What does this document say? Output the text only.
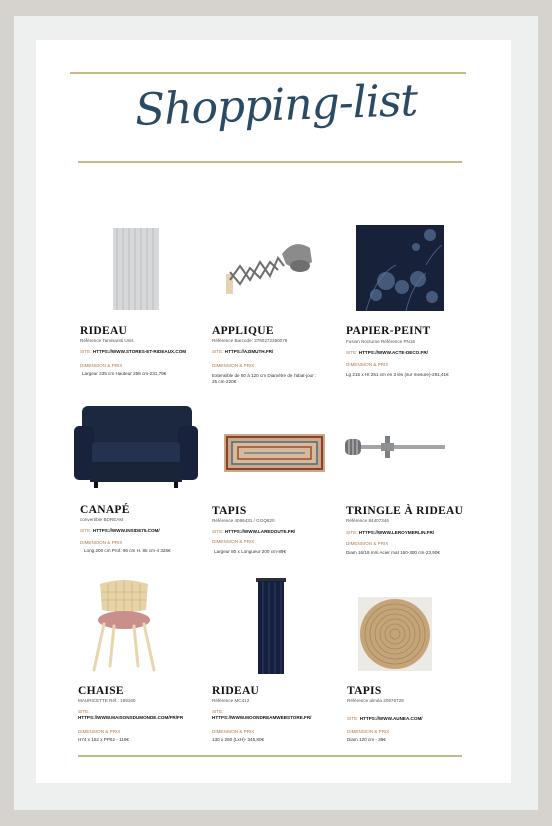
Shopping-list
RIDEAU
Référence Tamisants Unis
SITE: HTTPS://WWW.STORES-ET-RIDEAUX.COM
DIMENSION & PRIX
Largeur 235 cm Hauteur 258 cm-231,79€
APPLIQUE
Référence Barcode: 3760272390076
SITE: HTTPS://AZIMUTH.FR/
DIMENSION & PRIX
Extensible de 50 à 120 cm Diamètre de l'abat-jour : 25 cm-220€
PAPIER-PEINT
Fusion Nocturne Référence PN16
SITE: HTTPS://WWW.ACTE-DECO.FR/
DIMENSION & PRIX
Lg 215 x Ht 251 cm en 3 lés (sur mesure)-291,41€
CANAPÉ
convertible BDREAM
SITE: HTTPS://WWW.INSIDE75.COM/
DIMENSION & PRIX
Long.200 cm Prof. 96 cm H. 85 cm-4 326€
TAPIS
Référence 4066431 / GGQ820
SITE: HTTPS://WWW.LAREDOUTE.FR/
DIMENSION & PRIX
Largeur 80 x Longueur 200 cm-89€
TRINGLE À RIDEAU
Référence 84407346
SITE: HTTPS://WWW.LEROYMERLIN.FR/
DIMENSION & PRIX
Diam 16/19 mm Acier mat 160-300 cm-23,90€
CHAISE
MAURICETTE Réf.: 199160
SITE: HTTPS://WWW.MAISONSDUMONDE.COM/FR/FR
DIMENSION & PRIX
H74 x 152 x PP62 - 119€
RIDEAU
Référence MC412
SITE:
HTTPS://WWW.MOONDREAMWEBSTORE.FR/
DIMENSION & PRIX
130 x 260 (LxH)- 345,80€
TAPIS
Référence alméa 20976729
SITE: HTTPS://WWW.AUNEA.COM/
DIMENSION & PRIX
Diam 120 cm - 39€
